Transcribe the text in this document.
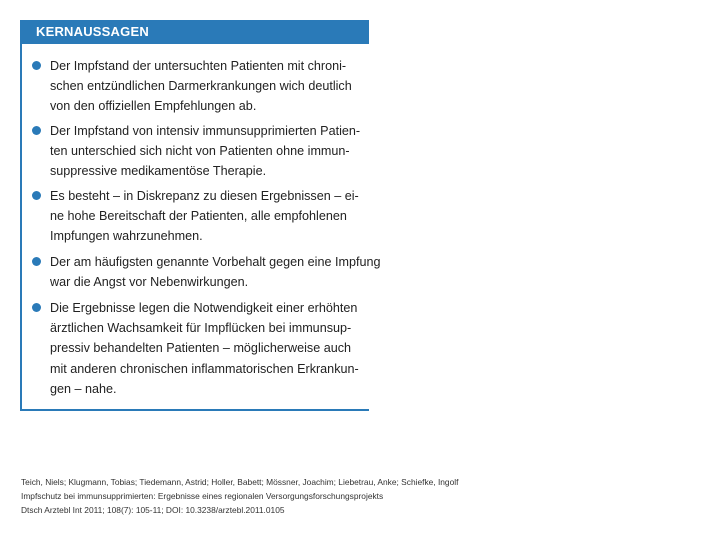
KERNAUSSAGEN
Der Impfstand der untersuchten Patienten mit chroni-
schen entzündlichen Darmerkrankungen wich deutlich
von den offiziellen Empfehlungen ab.
Der Impfstand von intensiv immunsupprimierten Patien-
ten unterschied sich nicht von Patienten ohne immun-
suppressive medikamentöse Therapie.
Es besteht – in Diskrepanz zu diesen Ergebnissen – ei-
ne hohe Bereitschaft der Patienten, alle empfohlenen
Impfungen wahrzunehmen.
Der am häufigsten genannte Vorbehalt gegen eine Impfung
war die Angst vor Nebenwirkungen.
Die Ergebnisse legen die Notwendigkeit einer erhöhten
ärztlichen Wachsamkeit für Impflücken bei immunsup-
pressiv behandelten Patienten – möglicherweise auch
mit anderen chronischen inflammatorischen Erkrankun-
gen – nahe.
Teich, Niels; Klugmann, Tobias; Tiedemann, Astrid; Holler, Babett; Mössner, Joachim; Liebetrau, Anke; Schiefke, Ingolf
Impfschutz bei immunsupprimierten: Ergebnisse eines regionalen Versorgungsforschungsprojekts
Dtsch Arztebl Int 2011; 108(7): 105-11; DOI: 10.3238/arztebl.2011.0105
